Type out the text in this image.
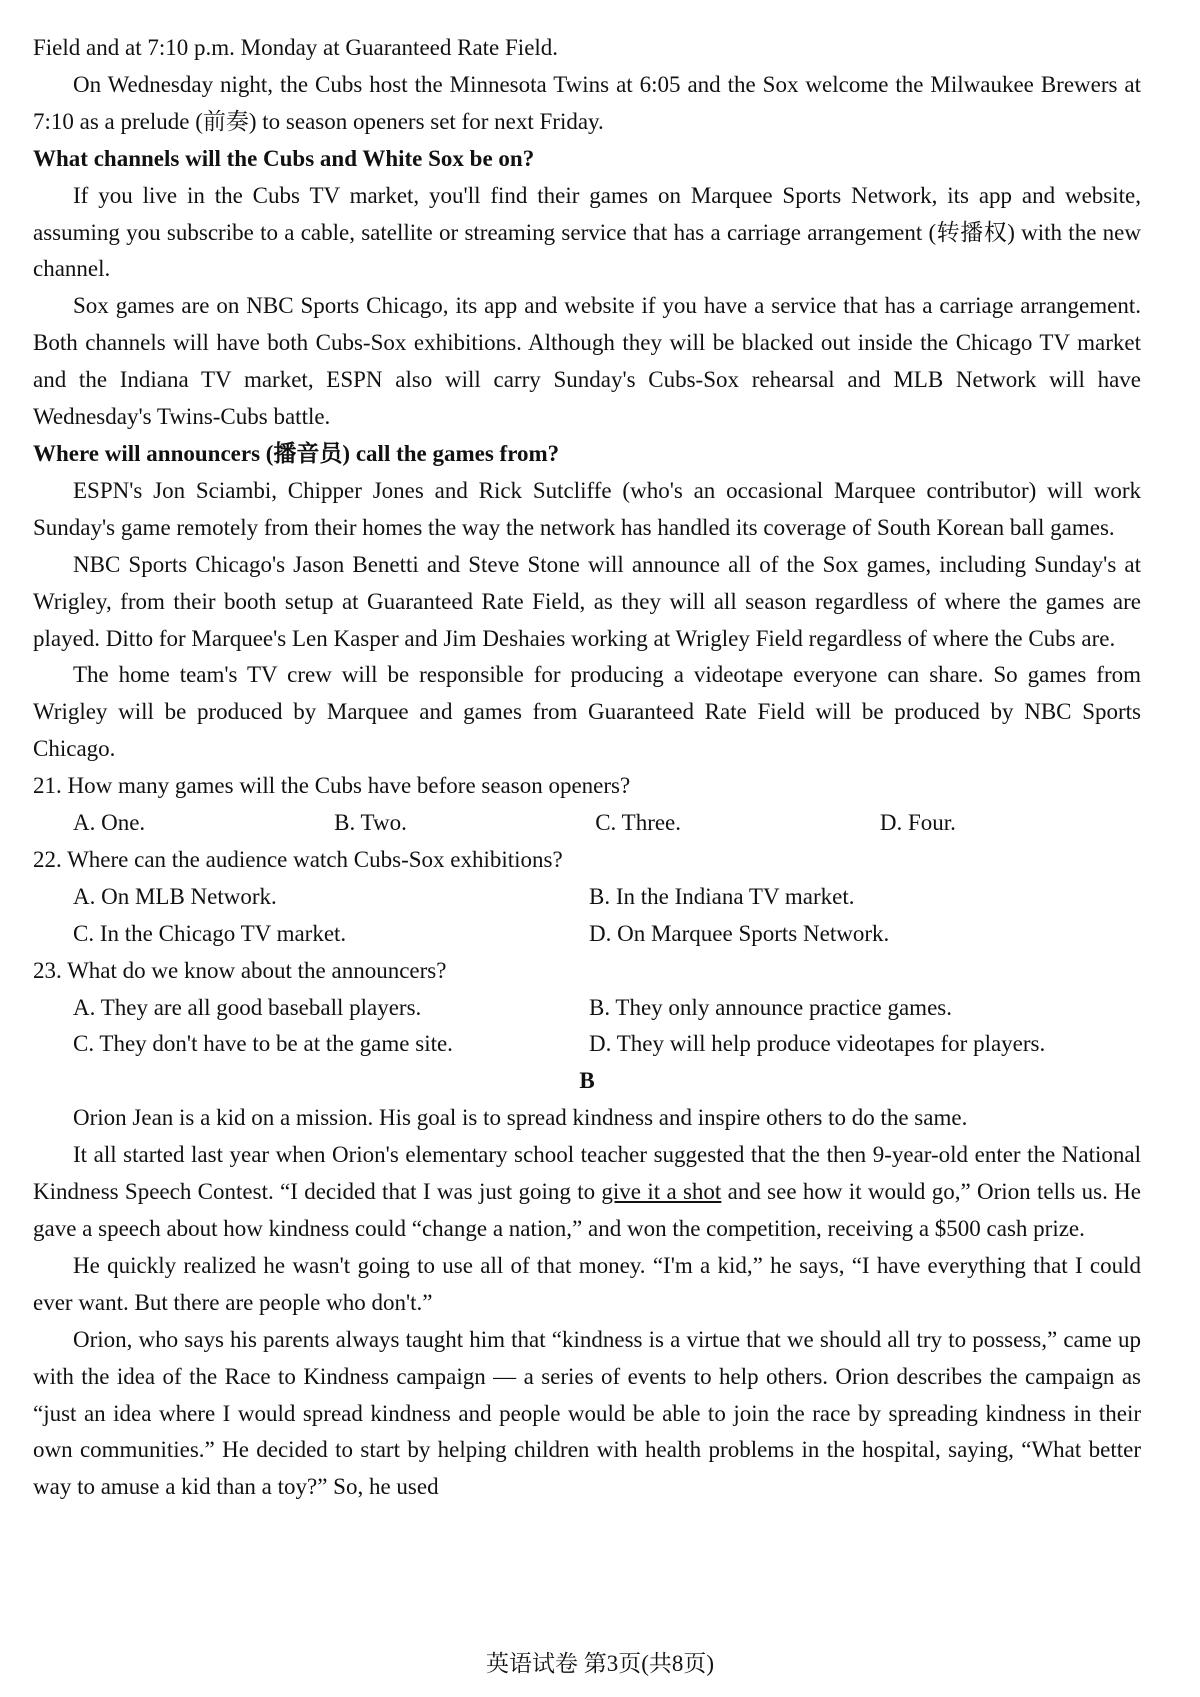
Field and at 7:10 p.m. Monday at Guaranteed Rate Field.

On Wednesday night, the Cubs host the Minnesota Twins at 6:05 and the Sox welcome the Milwaukee Brewers at 7:10 as a prelude (前奏) to season openers set for next Friday.

What channels will the Cubs and White Sox be on?

If you live in the Cubs TV market, you'll find their games on Marquee Sports Network, its app and website, assuming you subscribe to a cable, satellite or streaming service that has a carriage arrangement (转播权) with the new channel.

Sox games are on NBC Sports Chicago, its app and website if you have a service that has a carriage arrangement. Both channels will have both Cubs-Sox exhibitions. Although they will be blacked out inside the Chicago TV market and the Indiana TV market, ESPN also will carry Sunday's Cubs-Sox rehearsal and MLB Network will have Wednesday's Twins-Cubs battle.

Where will announcers (播音员) call the games from?

ESPN's Jon Sciambi, Chipper Jones and Rick Sutcliffe (who's an occasional Marquee contributor) will work Sunday's game remotely from their homes the way the network has handled its coverage of South Korean ball games.

NBC Sports Chicago's Jason Benetti and Steve Stone will announce all of the Sox games, including Sunday's at Wrigley, from their booth setup at Guaranteed Rate Field, as they will all season regardless of where the games are played. Ditto for Marquee's Len Kasper and Jim Deshaies working at Wrigley Field regardless of where the Cubs are.

The home team's TV crew will be responsible for producing a videotape everyone can share. So games from Wrigley will be produced by Marquee and games from Guaranteed Rate Field will be produced by NBC Sports Chicago.

21. How many games will the Cubs have before season openers?

A. One.	B. Two.	C. Three.	D. Four.

22. Where can the audience watch Cubs-Sox exhibitions?

A. On MLB Network.	B. In the Indiana TV market.
C. In the Chicago TV market.	D. On Marquee Sports Network.

23. What do we know about the announcers?

A. They are all good baseball players.	B. They only announce practice games.
C. They don't have to be at the game site.	D. They will help produce videotapes for players.

B

Orion Jean is a kid on a mission. His goal is to spread kindness and inspire others to do the same.

It all started last year when Orion's elementary school teacher suggested that the then 9-year-old enter the National Kindness Speech Contest. “I decided that I was just going to give it a shot and see how it would go,” Orion tells us. He gave a speech about how kindness could “change a nation,” and won the competition, receiving a $500 cash prize.

He quickly realized he wasn't going to use all of that money. “I'm a kid,” he says, “I have everything that I could ever want. But there are people who don't.”

Orion, who says his parents always taught him that “kindness is a virtue that we should all try to possess,” came up with the idea of the Race to Kindness campaign — a series of events to help others. Orion describes the campaign as “just an idea where I would spread kindness and people would be able to join the race by spreading kindness in their own communities.” He decided to start by helping children with health problems in the hospital, saying, “What better way to amuse a kid than a toy?” So, he used

英语试卷 第3页(共8页)
